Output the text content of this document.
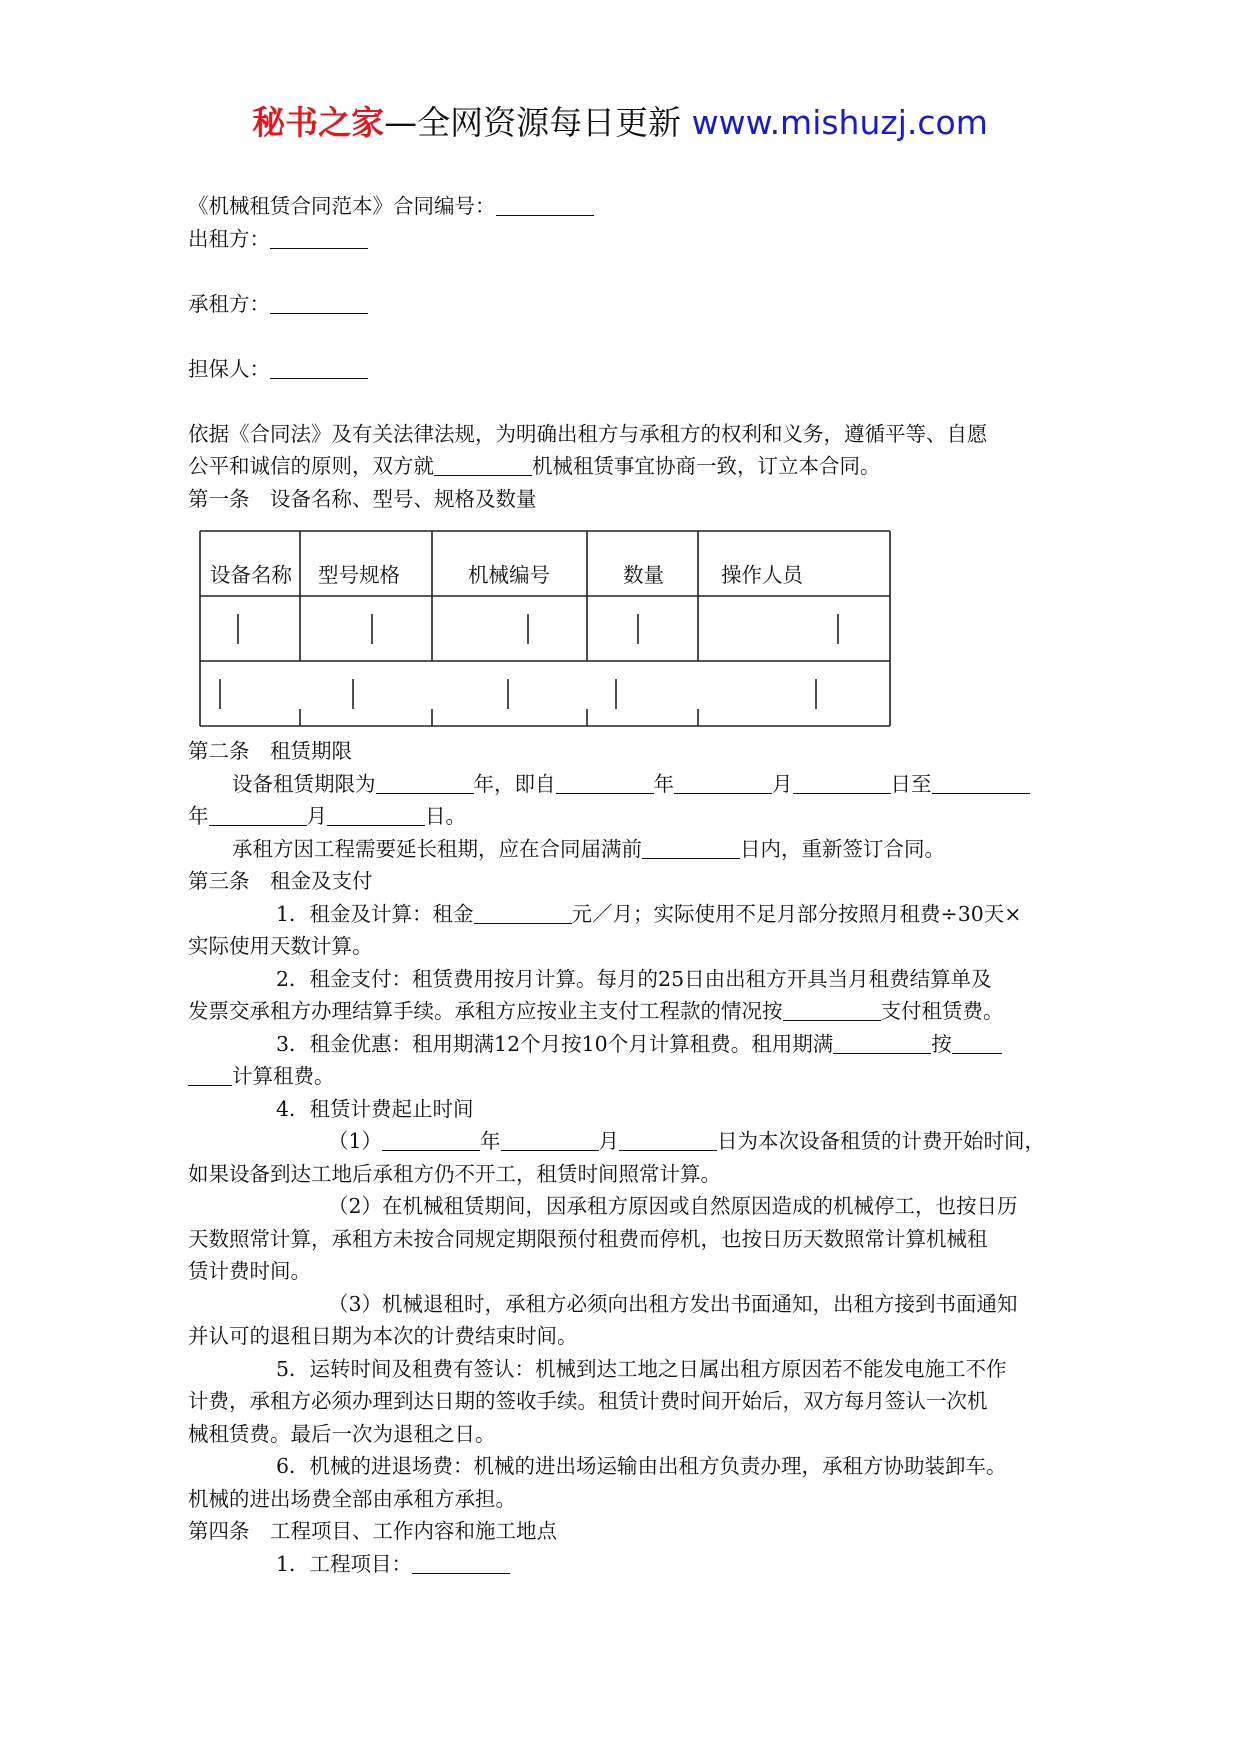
秘书之家—全网资源每日更新 www.mishuzj.com
《机械租赁合同范本》合同编号：
出租方：
承租方：
担保人：
依据《合同法》及有关法律法规，为明确出租方与承租方的权利和义务，遵循平等、自愿
公平和诚信的原则，双方就	机械租赁事宜协商一致，订立本合同。
第一条　设备名称、型号、规格及数量
设备名称 型号规格	机械编号	数量	操作人员
第二条　租赁期限
设备租赁期限为	年，即自	年	月	日至
年	月	日。
承租方因工程需要延长租期，应在合同届满前	日内，重新签订合同。
第三条　租金及支付
1．租金及计算：租金	元／月；实际使用不足月部分按照月租费÷30天×
实际使用天数计算。
2．租金支付：租赁费用按月计算。每月的25日由出租方开具当月租费结算单及
发票交承租方办理结算手续。承租方应按业主支付工程款的情况按	支付租赁费。
3．租金优惠：租用期满12个月按10个月计算租费。租用期满	按
计算租费。
4．租赁计费起止时间
（1）	年	月	日为本次设备租赁的计费开始时间，
如果设备到达工地后承租方仍不开工，租赁时间照常计算。
（2）在机械租赁期间，因承租方原因或自然原因造成的机械停工，也按日历
天数照常计算，承租方未按合同规定期限预付租费而停机，也按日历天数照常计算机械租
赁计费时间。
（3）机械退租时，承租方必须向出租方发出书面通知，出租方接到书面通知
并认可的退租日期为本次的计费结束时间。
5．运转时间及租费有签认：机械到达工地之日属出租方原因若不能发电施工不作
计费，承租方必须办理到达日期的签收手续。租赁计费时间开始后，双方每月签认一次机
械租赁费。最后一次为退租之日。
6．机械的进退场费：机械的进出场运输由出租方负责办理，承租方协助装卸车。
机械的进出场费全部由承租方承担。
第四条　工程项目、工作内容和施工地点
1．工程项目：
